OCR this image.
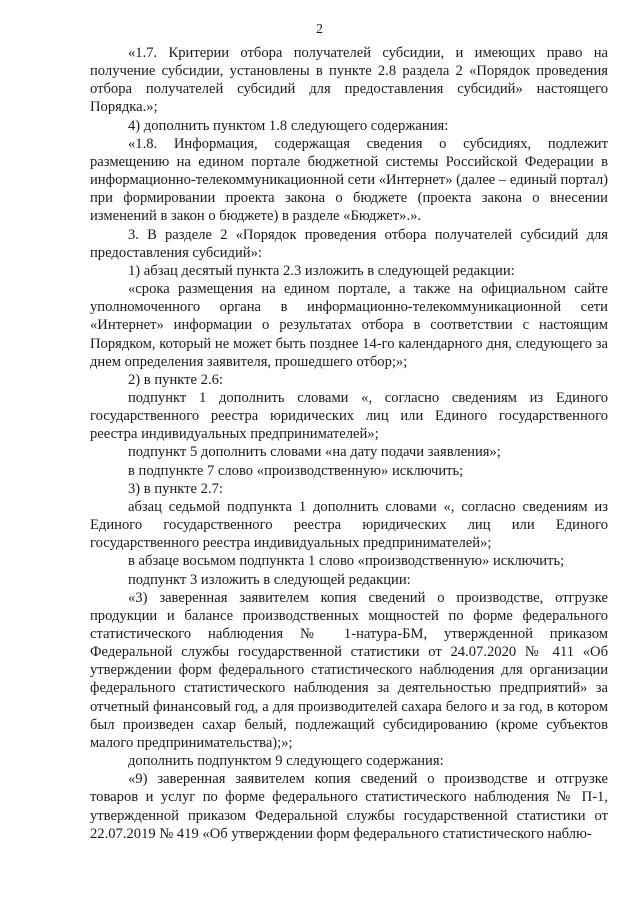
2

«1.7. Критерии отбора получателей субсидии, и имеющих право на получение субсидии, установлены в пункте 2.8 раздела 2 «Порядок проведения отбора получателей субсидий для предоставления субсидий» настоящего Порядка.»;

4) дополнить пунктом 1.8 следующего содержания:

«1.8. Информация, содержащая сведения о субсидиях, подлежит размещению на едином портале бюджетной системы Российской Федерации в информационно-телекоммуникационной сети «Интернет» (далее – единый портал) при формировании проекта закона о бюджете (проекта закона о внесении изменений в закон о бюджете) в разделе «Бюджет».».

3. В разделе 2 «Порядок проведения отбора получателей субсидий для предоставления субсидий»:

1) абзац десятый пункта 2.3 изложить в следующей редакции:

«срока размещения на едином портале, а также на официальном сайте уполномоченного органа в информационно-телекоммуникационной сети «Интернет» информации о результатах отбора в соответствии с настоящим Порядком, который не может быть позднее 14-го календарного дня, следующего за днем определения заявителя, прошедшего отбор;»;

2) в пункте 2.6:

подпункт 1 дополнить словами «, согласно сведениям из Единого государственного реестра юридических лиц или Единого государственного реестра индивидуальных предпринимателей»;

подпункт 5 дополнить словами «на дату подачи заявления»;

в подпункте 7 слово «производственную» исключить;

3) в пункте 2.7:

абзац седьмой подпункта 1 дополнить словами «, согласно сведениям из Единого государственного реестра юридических лиц или Единого государственного реестра индивидуальных предпринимателей»;

в абзаце восьмом подпункта 1 слово «производственную» исключить;

подпункт 3 изложить в следующей редакции:

«3) заверенная заявителем копия сведений о производстве, отгрузке продукции и балансе производственных мощностей по форме федерального статистического наблюдения № 1-натура-БМ, утвержденной приказом Федеральной службы государственной статистики от 24.07.2020 № 411 «Об утверждении форм федерального статистического наблюдения для организации федерального статистического наблюдения за деятельностью предприятий» за отчетный финансовый год, а для производителей сахара белого и за год, в котором был произведен сахар белый, подлежащий субсидированию (кроме субъектов малого предпринимательства);»;

дополнить подпунктом 9 следующего содержания:

«9) заверенная заявителем копия сведений о производстве и отгрузке товаров и услуг по форме федерального статистического наблюдения № П-1, утвержденной приказом Федеральной службы государственной статистики от 22.07.2019 № 419 «Об утверждении форм федерального статистического наблю-
